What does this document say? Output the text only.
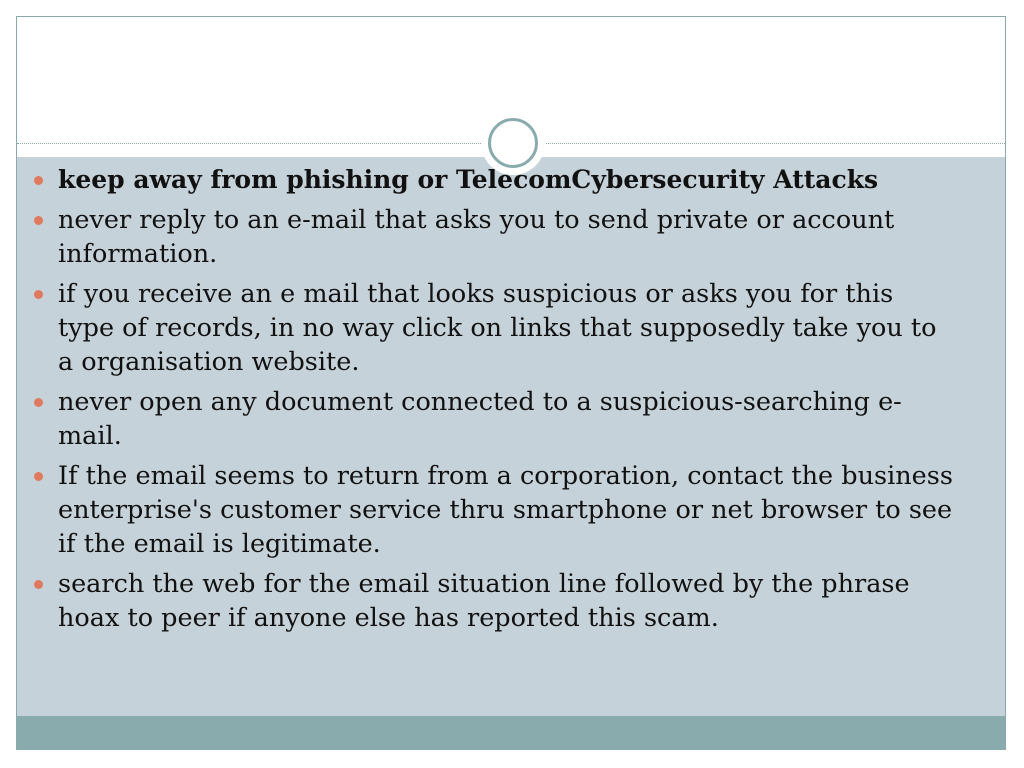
keep away from phishing or TelecomCybersecurity Attacks
never reply to an e-mail that asks you to send private or account information.
if you receive an e mail that looks suspicious or asks you for this type of records, in no way click on links that supposedly take you to a organisation website.
never open any document connected to a suspicious-searching e-mail.
If the email seems to return from a corporation, contact the business enterprise's customer service thru smartphone or net browser to see if the email is legitimate.
search the web for the email situation line followed by the phrase hoax to peer if anyone else has reported this scam.
